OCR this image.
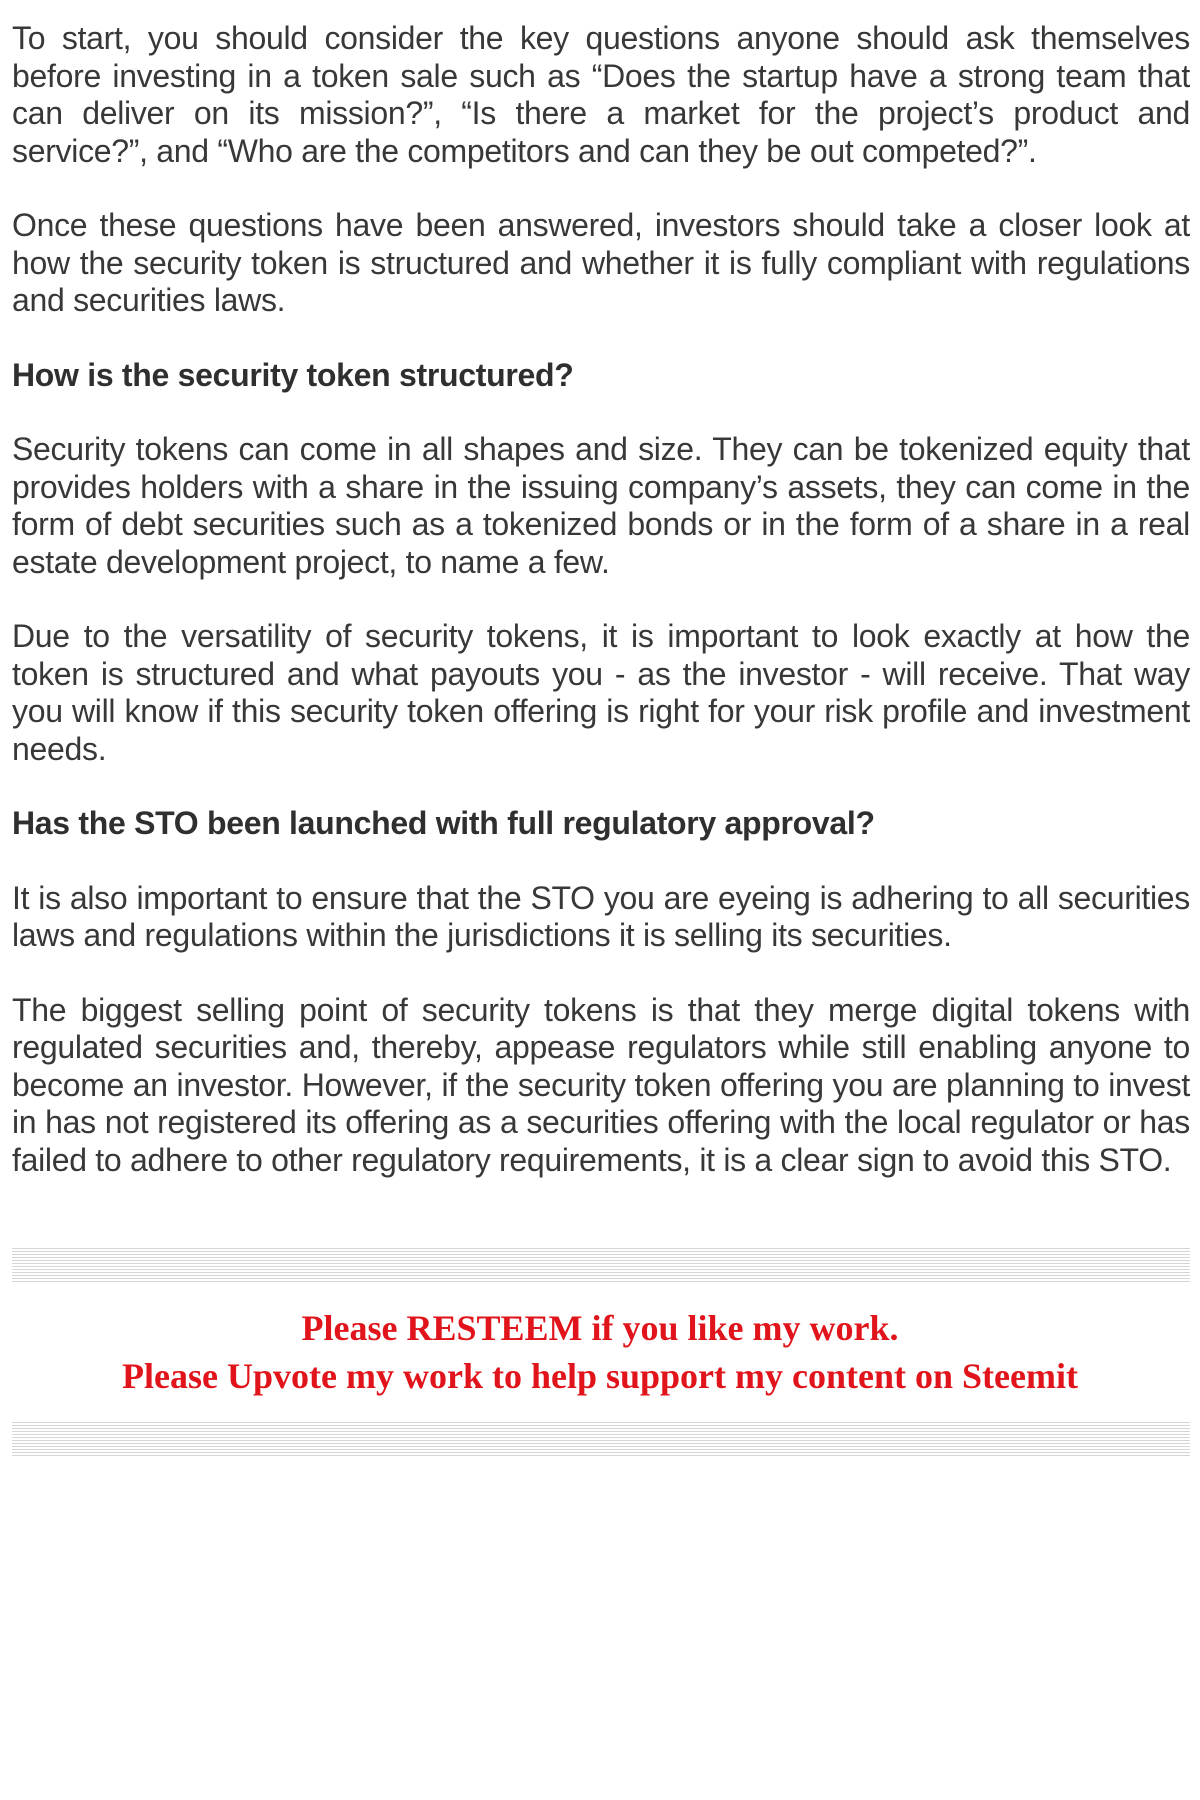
To start, you should consider the key questions anyone should ask themselves before investing in a token sale such as “Does the startup have a strong team that can deliver on its mission?”, “Is there a market for the project’s product and service?”, and “Who are the competitors and can they be out competed?”.

Once these questions have been answered, investors should take a closer look at how the security token is structured and whether it is fully compliant with regulations and securities laws.

How is the security token structured?

Security tokens can come in all shapes and size. They can be tokenized equity that provides holders with a share in the issuing company’s assets, they can come in the form of debt securities such as a tokenized bonds or in the form of a share in a real estate development project, to name a few.

Due to the versatility of security tokens, it is important to look exactly at how the token is structured and what payouts you - as the investor - will receive. That way you will know if this security token offering is right for your risk profile and investment needs.

Has the STO been launched with full regulatory approval?

It is also important to ensure that the STO you are eyeing is adhering to all securities laws and regulations within the jurisdictions it is selling its securities.

The biggest selling point of security tokens is that they merge digital tokens with regulated securities and, thereby, appease regulators while still enabling anyone to become an investor. However, if the security token offering you are planning to invest in has not registered its offering as a securities offering with the local regulator or has failed to adhere to other regulatory requirements, it is a clear sign to avoid this STO.

Please RESTEEM if you like my work.
Please Upvote my work to help support my content on Steemit
